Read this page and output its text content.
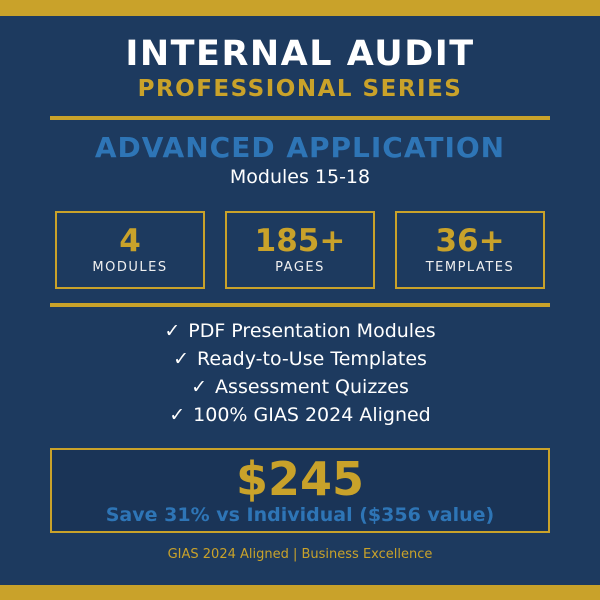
INTERNAL AUDIT
PROFESSIONAL SERIES
ADVANCED APPLICATION
Modules 15-18
4
MODULES
185+
PAGES
36+
TEMPLATES
✓ PDF Presentation Modules
✓ Ready-to-Use Templates
✓ Assessment Quizzes
✓ 100% GIAS 2024 Aligned
$245
Save 31% vs Individual ($356 value)
GIAS 2024 Aligned | Business Excellence
